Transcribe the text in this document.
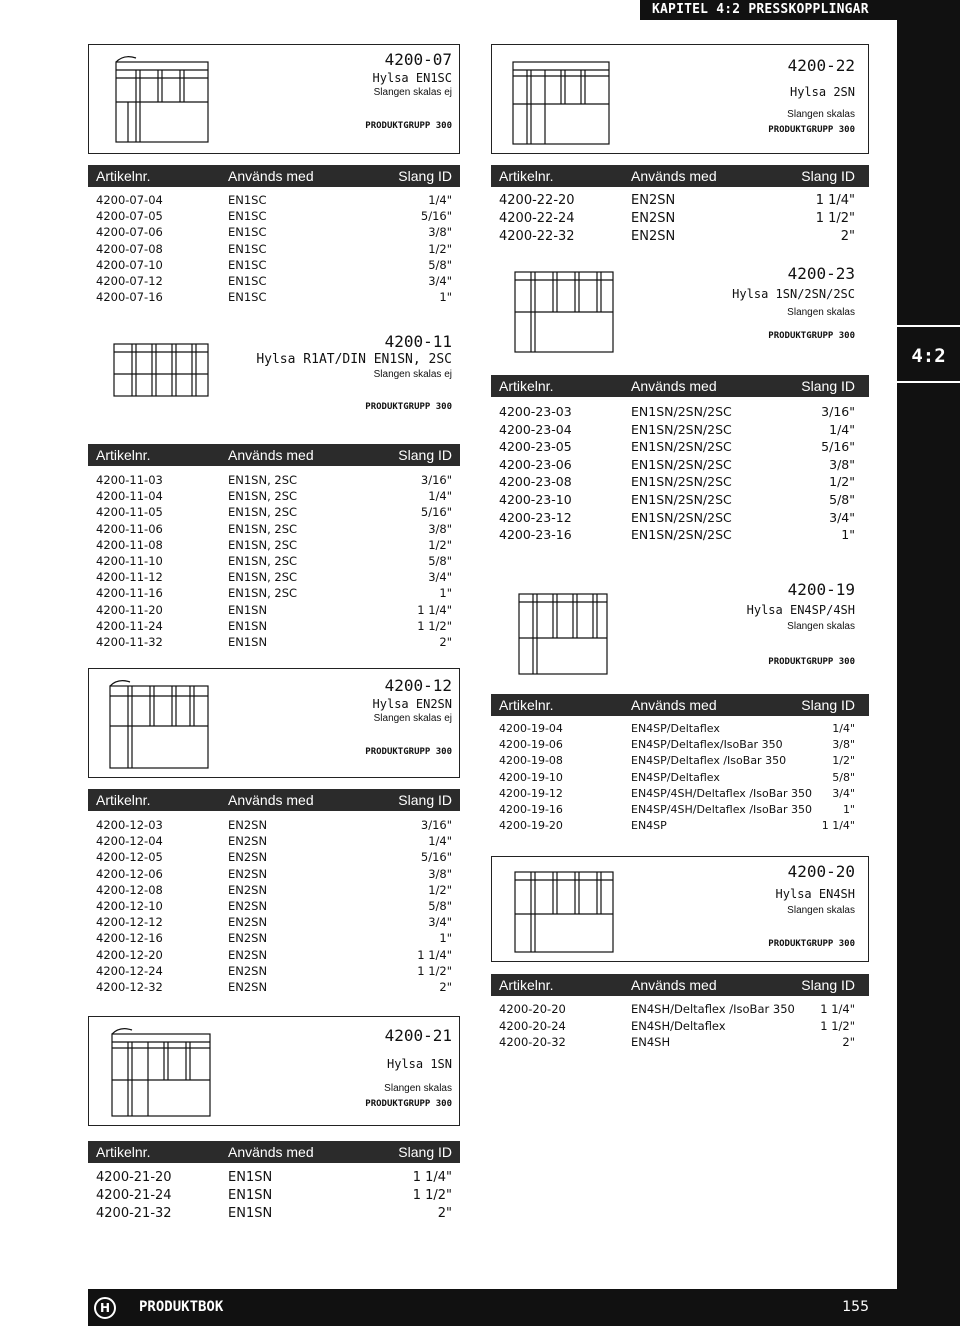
KAPITEL 4:2 PRESSKOPPLINGAR
4:2
4200-07
Hylsa EN1SC
Slangen skalas ej
PRODUKTGRUPP 300
Artikelnr.	Används med	Slang ID
4200-07-04	EN1SC	1/4"
4200-07-05	EN1SC	5/16"
4200-07-06	EN1SC	3/8"
4200-07-08	EN1SC	1/2"
4200-07-10	EN1SC	5/8"
4200-07-12	EN1SC	3/4"
4200-07-16	EN1SC	1"
4200-11
Hylsa R1AT/DIN EN1SN, 2SC
Slangen skalas ej
PRODUKTGRUPP 300
Artikelnr.	Används med	Slang ID
4200-11-03	EN1SN, 2SC	3/16"
4200-11-04	EN1SN, 2SC	1/4"
4200-11-05	EN1SN, 2SC	5/16"
4200-11-06	EN1SN, 2SC	3/8"
4200-11-08	EN1SN, 2SC	1/2"
4200-11-10	EN1SN, 2SC	5/8"
4200-11-12	EN1SN, 2SC	3/4"
4200-11-16	EN1SN, 2SC	1"
4200-11-20	EN1SN	1 1/4"
4200-11-24	EN1SN	1 1/2"
4200-11-32	EN1SN	2"
4200-12
Hylsa EN2SN
Slangen skalas ej
PRODUKTGRUPP 300
Artikelnr.	Används med	Slang ID
4200-12-03	EN2SN	3/16"
4200-12-04	EN2SN	1/4"
4200-12-05	EN2SN	5/16"
4200-12-06	EN2SN	3/8"
4200-12-08	EN2SN	1/2"
4200-12-10	EN2SN	5/8"
4200-12-12	EN2SN	3/4"
4200-12-16	EN2SN	1"
4200-12-20	EN2SN	1 1/4"
4200-12-24	EN2SN	1 1/2"
4200-12-32	EN2SN	2"
4200-21
Hylsa 1SN
Slangen skalas
PRODUKTGRUPP 300
Artikelnr.	Används med	Slang ID
4200-21-20	EN1SN	1 1/4"
4200-21-24	EN1SN	1 1/2"
4200-21-32	EN1SN	2"
4200-22
Hylsa 2SN
Slangen skalas
PRODUKTGRUPP 300
Artikelnr.	Används med	Slang ID
4200-22-20	EN2SN	1 1/4"
4200-22-24	EN2SN	1 1/2"
4200-22-32	EN2SN	2"
4200-23
Hylsa 1SN/2SN/2SC
Slangen skalas
PRODUKTGRUPP 300
Artikelnr.	Används med	Slang ID
4200-23-03	EN1SN/2SN/2SC	3/16"
4200-23-04	EN1SN/2SN/2SC	1/4"
4200-23-05	EN1SN/2SN/2SC	5/16"
4200-23-06	EN1SN/2SN/2SC	3/8"
4200-23-08	EN1SN/2SN/2SC	1/2"
4200-23-10	EN1SN/2SN/2SC	5/8"
4200-23-12	EN1SN/2SN/2SC	3/4"
4200-23-16	EN1SN/2SN/2SC	1"
4200-19
Hylsa EN4SP/4SH
Slangen skalas
PRODUKTGRUPP 300
Artikelnr.	Används med	Slang ID
4200-19-04	EN4SP/Deltaflex	1/4"
4200-19-06	EN4SP/Deltaflex/IsoBar 350	3/8"
4200-19-08	EN4SP/Deltaflex /IsoBar 350	1/2"
4200-19-10	EN4SP/Deltaflex	5/8"
4200-19-12	EN4SP/4SH/Deltaflex /IsoBar 350 3/4"
4200-19-16	EN4SP/4SH/Deltaflex /IsoBar 350	1"
4200-19-20	EN4SP	1 1/4"
4200-20
Hylsa EN4SH
Slangen skalas
PRODUKTGRUPP 300
Artikelnr.	Används med	Slang ID
4200-20-20	EN4SH/Deltaflex /IsoBar 350 1 1/4"
4200-20-24	EN4SH/Deltaflex	1 1/2"
4200-20-32	EN4SH	2"
H	PRODUKTBOK	155
